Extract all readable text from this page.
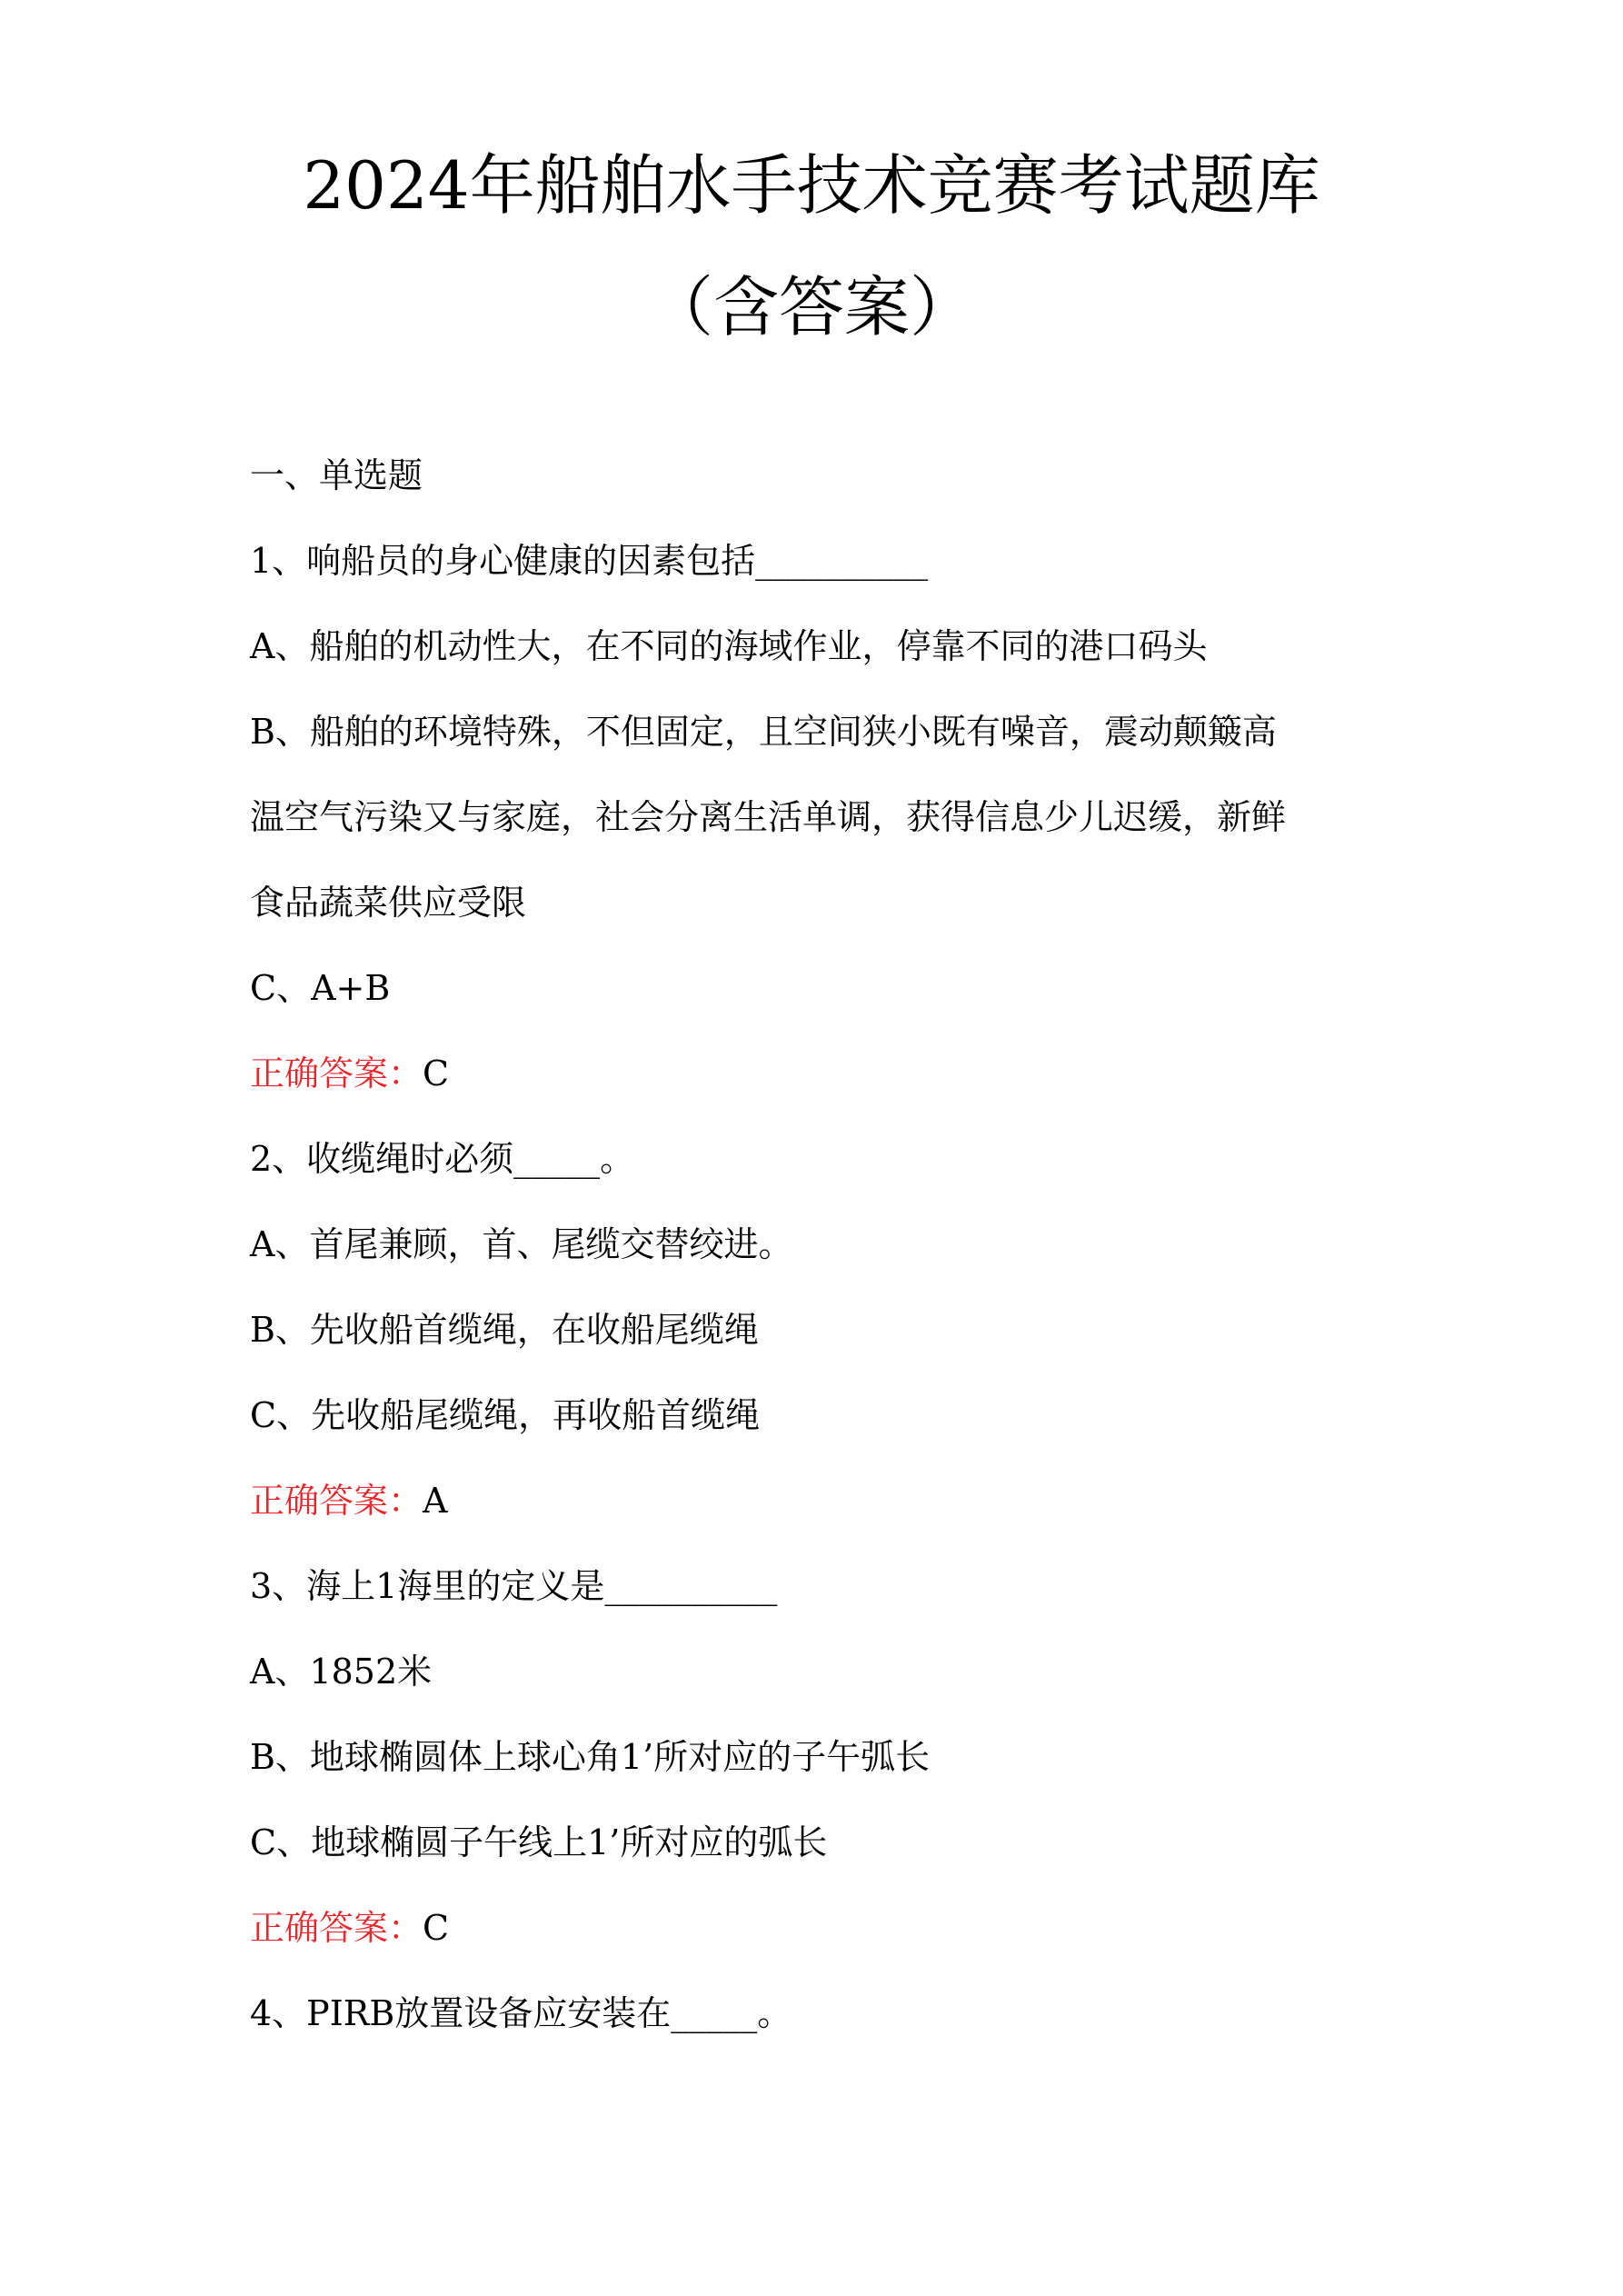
2024年船舶水手技术竞赛考试题库
（含答案）
一、单选题
1、响船员的身心健康的因素包括__________
A、船舶的机动性大，在不同的海域作业，停靠不同的港口码头
B、船舶的环境特殊，不但固定，且空间狭小既有噪音，震动颠簸高
温空气污染又与家庭，社会分离生活单调，获得信息少儿迟缓，新鲜
食品蔬菜供应受限
C、A+B
正确答案：C
2、收缆绳时必须_____。
A、首尾兼顾，首、尾缆交替绞进。
B、先收船首缆绳，在收船尾缆绳
C、先收船尾缆绳，再收船首缆绳
正确答案：A
3、海上1海里的定义是__________
A、1852米
B、地球椭圆体上球心角1’所对应的子午弧长
C、地球椭圆子午线上1’所对应的弧长
正确答案：C
4、PIRB放置设备应安装在_____。
